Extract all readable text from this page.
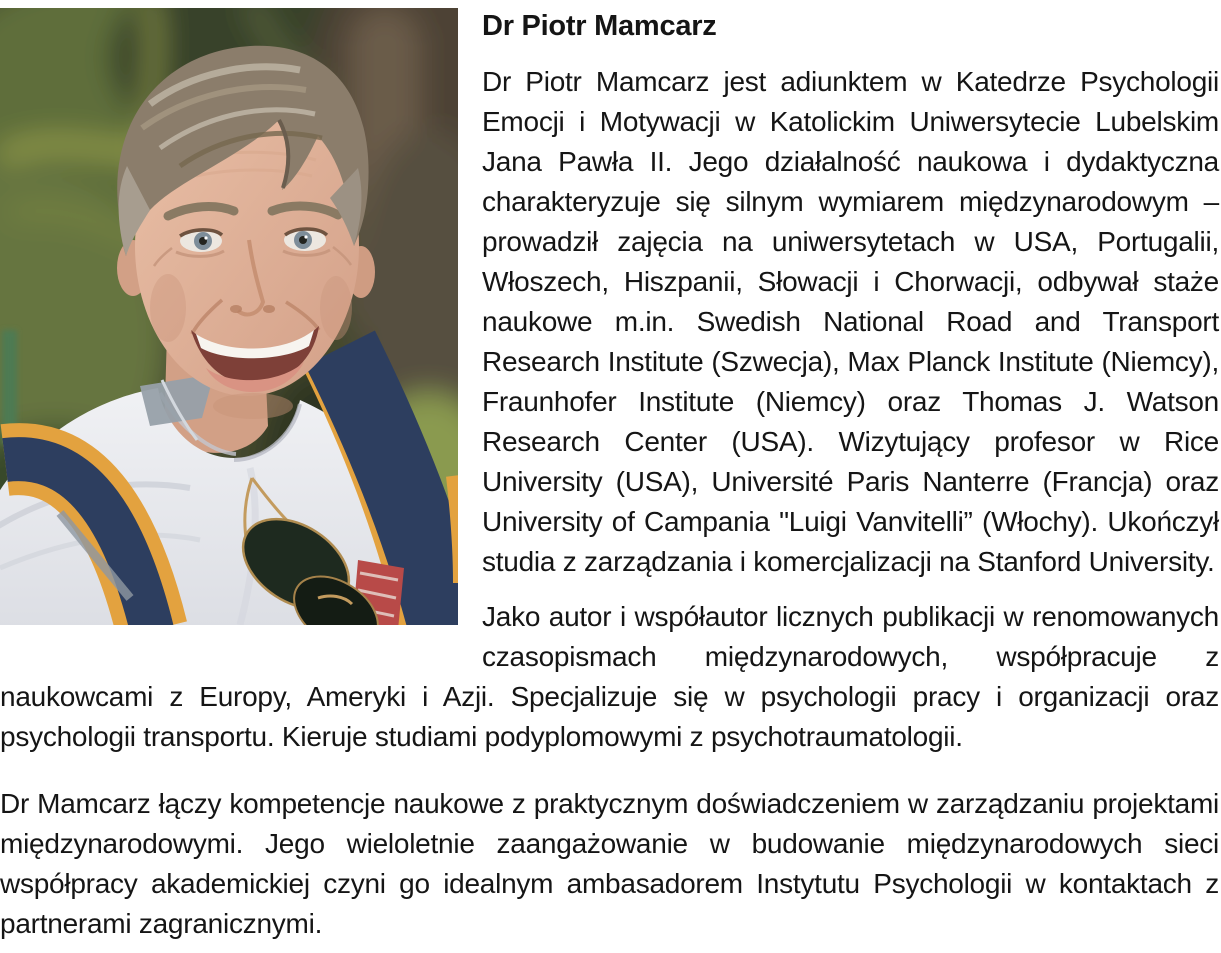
Dr Piotr Mamcarz

Dr Piotr Mamcarz jest adiunktem w Katedrze Psychologii Emocji i Motywacji w Katolickim Uniwersytecie Lubelskim Jana Pawła II. Jego działalność naukowa i dydaktyczna charakteryzuje się silnym wymiarem międzynarodowym – prowadził zajęcia na uniwersytetach w USA, Portugalii, Włoszech, Hiszpanii, Słowacji i Chorwacji, odbywał staże naukowe m.in. Swedish National Road and Transport Research Institute (Szwecja), Max Planck Institute (Niemcy), Fraunhofer Institute (Niemcy) oraz Thomas J. Watson Research Center (USA). Wizytujący profesor w Rice University (USA), Université Paris Nanterre (Francja) oraz University of Campania "Luigi Vanvitelli” (Włochy). Ukończył studia z zarządzania i komercjalizacji na Stanford University.

Jako autor i współautor licznych publikacji w renomowanych czasopismach międzynarodowych, współpracuje z naukowcami z Europy, Ameryki i Azji. Specjalizuje się w psychologii pracy i organizacji oraz psychologii transportu. Kieruje studiami podyplomowymi z psychotraumatologii.

Dr Mamcarz łączy kompetencje naukowe z praktycznym doświadczeniem w zarządzaniu projektami międzynarodowymi. Jego wieloletnie zaangażowanie w budowanie międzynarodowych sieci współpracy akademickiej czyni go idealnym ambasadorem Instytutu Psychologii w kontaktach z partnerami zagranicznymi.
